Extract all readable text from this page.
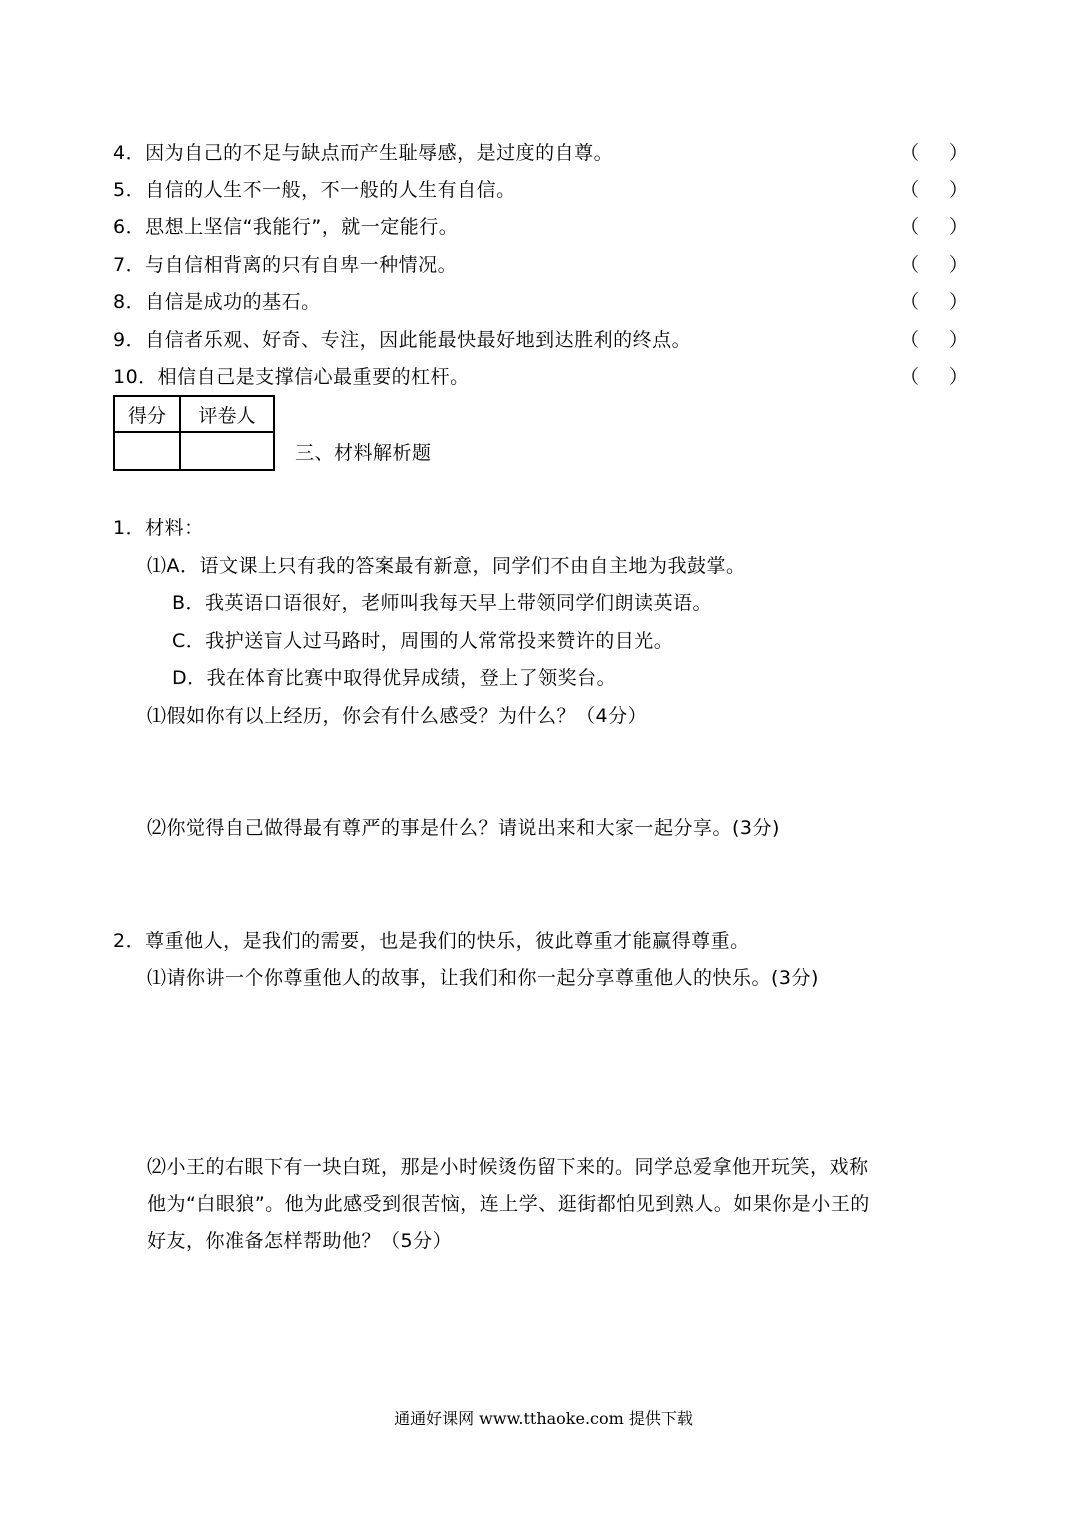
4．因为自己的不足与缺点而产生耻辱感，是过度的自尊。	（ ）
5．自信的人生不一般，不一般的人生有自信。	（ ）
6．思想上坚信“我能行”，就一定能行。	（ ）
7．与自信相背离的只有自卑一种情况。	（ ）
8．自信是成功的基石。	（ ）
9．自信者乐观、好奇、专注，因此能最快最好地到达胜利的终点。	（ ）
10．相信自己是支撑信心最重要的杠杆。	（ ）
得分	评卷人

三、材料解析题
1．材料：
⑴A．语文课上只有我的答案最有新意，同学们不由自主地为我鼓掌。
B．我英语口语很好，老师叫我每天早上带领同学们朗读英语。
C．我护送盲人过马路时，周围的人常常投来赞许的目光。
D．我在体育比赛中取得优异成绩，登上了领奖台。
⑴假如你有以上经历，你会有什么感受？为什么？（4分）
⑵你觉得自己做得最有尊严的事是什么？请说出来和大家一起分享。(3分)
2．尊重他人，是我们的需要，也是我们的快乐，彼此尊重才能赢得尊重。
⑴请你讲一个你尊重他人的故事，让我们和你一起分享尊重他人的快乐。(3分)
⑵小王的右眼下有一块白斑，那是小时候烫伤留下来的。同学总爱拿他开玩笑，戏称
他为“白眼狼”。他为此感受到很苦恼，连上学、逛街都怕见到熟人。如果你是小王的
好友，你准备怎样帮助他？（5分）
通通好课网 www.tthaoke.com 提供下载
